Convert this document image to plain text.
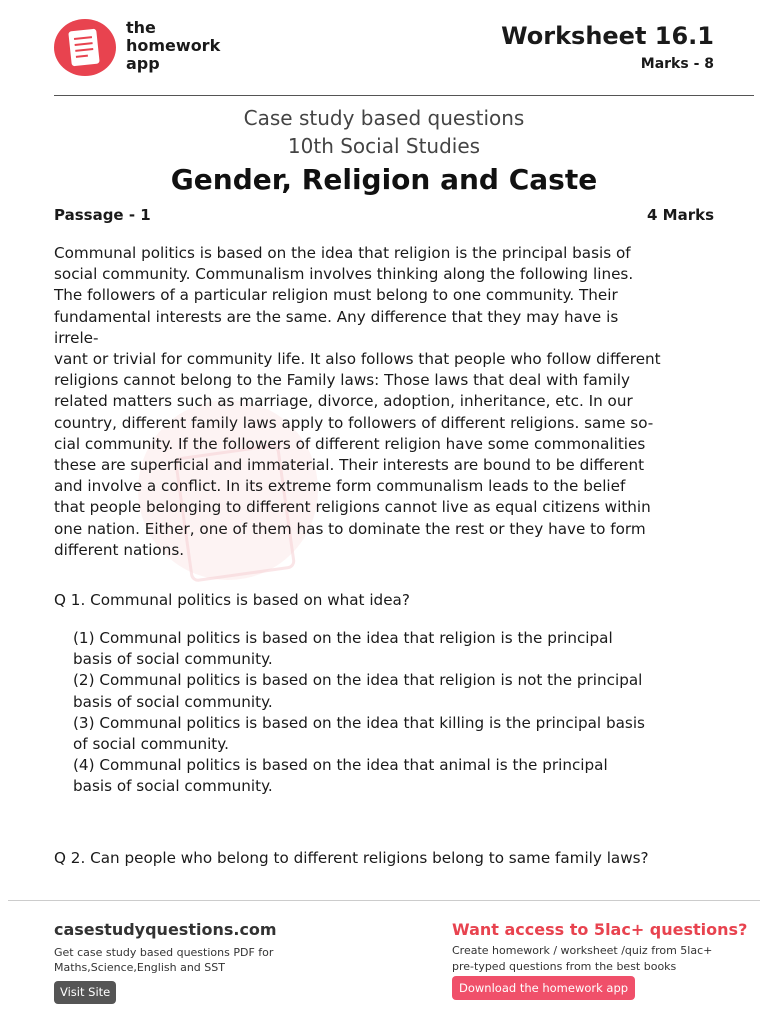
the
homework
app
Worksheet 16.1
Marks - 8
Case study based questions
10th Social Studies
Gender, Religion and Caste
Passage - 1	4 Marks
Communal politics is based on the idea that religion is the principal basis of
social community. Communalism involves thinking along the following lines.
The followers of a particular religion must belong to one community. Their
fundamental interests are the same. Any difference that they may have is irrele-
vant or trivial for community life. It also follows that people who follow different
religions cannot belong to the Family laws: Those laws that deal with family
related matters such as marriage, divorce, adoption, inheritance, etc. In our
country, different family laws apply to followers of different religions. same so-
cial community. If the followers of different religion have some commonalities
these are superficial and immaterial. Their interests are bound to be different
and involve a conflict. In its extreme form communalism leads to the belief
that people belonging to different religions cannot live as equal citizens within
one nation. Either, one of them has to dominate the rest or they have to form
different nations.
Q 1. Communal politics is based on what idea?
(1) Communal politics is based on the idea that religion is the principal
basis of social community.
(2) Communal politics is based on the idea that religion is not the principal
basis of social community.
(3) Communal politics is based on the idea that killing is the principal basis
of social community.
(4) Communal politics is based on the idea that animal is the principal
basis of social community.
Q 2. Can people who belong to different religions belong to same family laws?
casestudyquestions.com
Get case study based questions PDF for
Maths,Science,English and SST
Visit Site
Want access to 5lac+ questions?
Create homework / worksheet /quiz from 5lac+
pre-typed questions from the best books
Download the homework app
